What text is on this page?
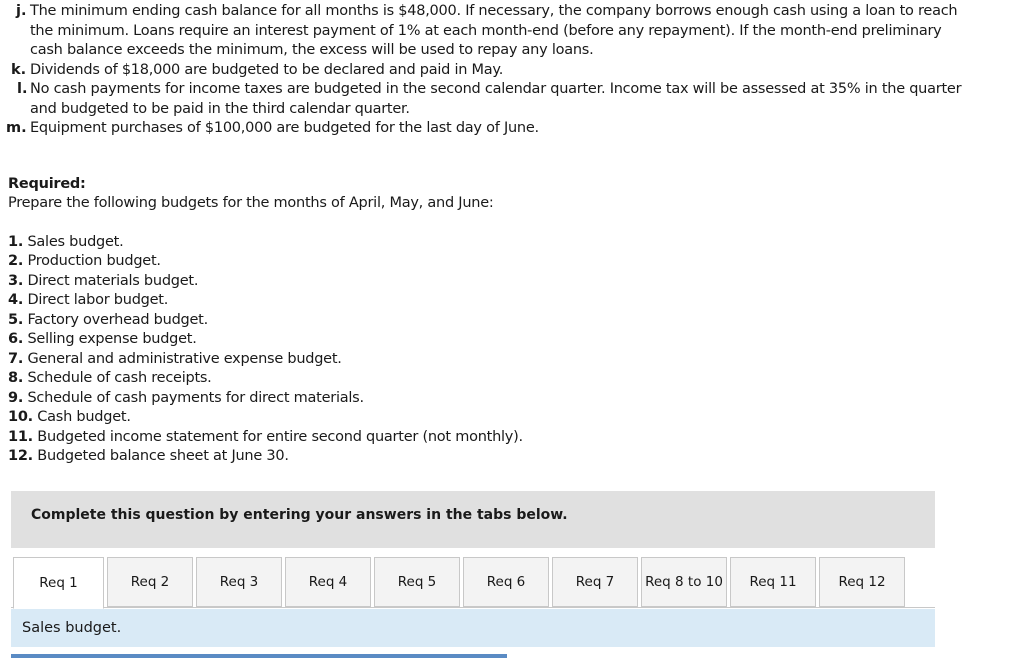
j. The minimum ending cash balance for all months is $48,000. If necessary, the company borrows enough cash using a loan to reach
the minimum. Loans require an interest payment of 1% at each month-end (before any repayment). If the month-end preliminary
cash balance exceeds the minimum, the excess will be used to repay any loans.
k. Dividends of $18,000 are budgeted to be declared and paid in May.
l. No cash payments for income taxes are budgeted in the second calendar quarter. Income tax will be assessed at 35% in the quarter
and budgeted to be paid in the third calendar quarter.
m. Equipment purchases of $100,000 are budgeted for the last day of June.
Required:
Prepare the following budgets for the months of April, May, and June:
1. Sales budget.
2. Production budget.
3. Direct materials budget.
4. Direct labor budget.
5. Factory overhead budget.
6. Selling expense budget.
7. General and administrative expense budget.
8. Schedule of cash receipts.
9. Schedule of cash payments for direct materials.
10. Cash budget.
11. Budgeted income statement for entire second quarter (not monthly).
12. Budgeted balance sheet at June 30.
Complete this question by entering your answers in the tabs below.
Req 1	Req 2	Req 3	Req 4	Req 5	Req 6	Req 7	Req 8 to 10	Req 11	Req 12
Sales budget.
